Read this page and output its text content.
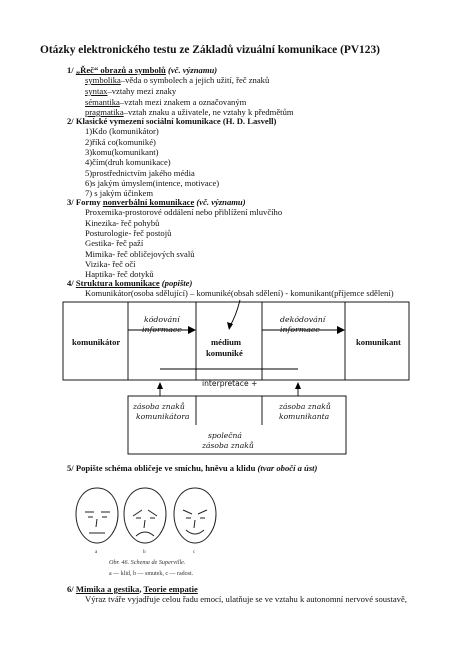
Otázky elektronického testu ze Základů vizuální komunikace (PV123)
1/ „Řeč“ obrazů a symbolů (vč. významu)
symbolika–věda o symbolech a jejich užití, řeč znaků
syntax–vztahy mezi znaky
sémantika–vztah mezi znakem a označovaným
pragmatika–vztah znaku a uživatele, ne vztahy k předmětům
2/ Klasické vymezení sociální komunikace (H. D. Lasvell)
1)Kdo (komunikátor)
2)říká co(komuniké)
3)komu(komunikant)
4)čím(druh komunikace)
5)prostřednictvím jakého média
6)s jakým úmyslem(intence, motivace)
7) s jakým účinkem
3/ Formy nonverbální komunikace (vč. významu)
Proxemika-prostorové oddálení nebo přiblížení mluvčího
Kinezika- řeč pohybů
Posturologie- řeč postojů
Gestika- řeč paží
Mimika- řeč obličejových svalů
Vizika- řeč očí
Haptika- řeč dotyků
4/ Struktura komunikace (popište)
Komunikátor(osoba sdělující) – komuniké(obsah sdělení) - komunikant(příjemce sdělení)
komunikátor	médium
komuniké
komunikant
kódování
informace
dekódování
informace
interpretace +
zásoba znaků
komunikátora
zásoba znaků
komunikanta
společná
zásoba znaků
5/ Popište schéma obličeje ve smíchu, hněvu a klidu (tvar obočí a úst)
a	b	c
Obr. 46. Schema de Superville.
a — klid, b — smutek, c — radost.
6/ Mimika a gestika, Teorie empatie
Výraz tváře vyjadřuje celou řadu emocí, ulatňuje se ve vztahu k autonomní nervové soustavě,
